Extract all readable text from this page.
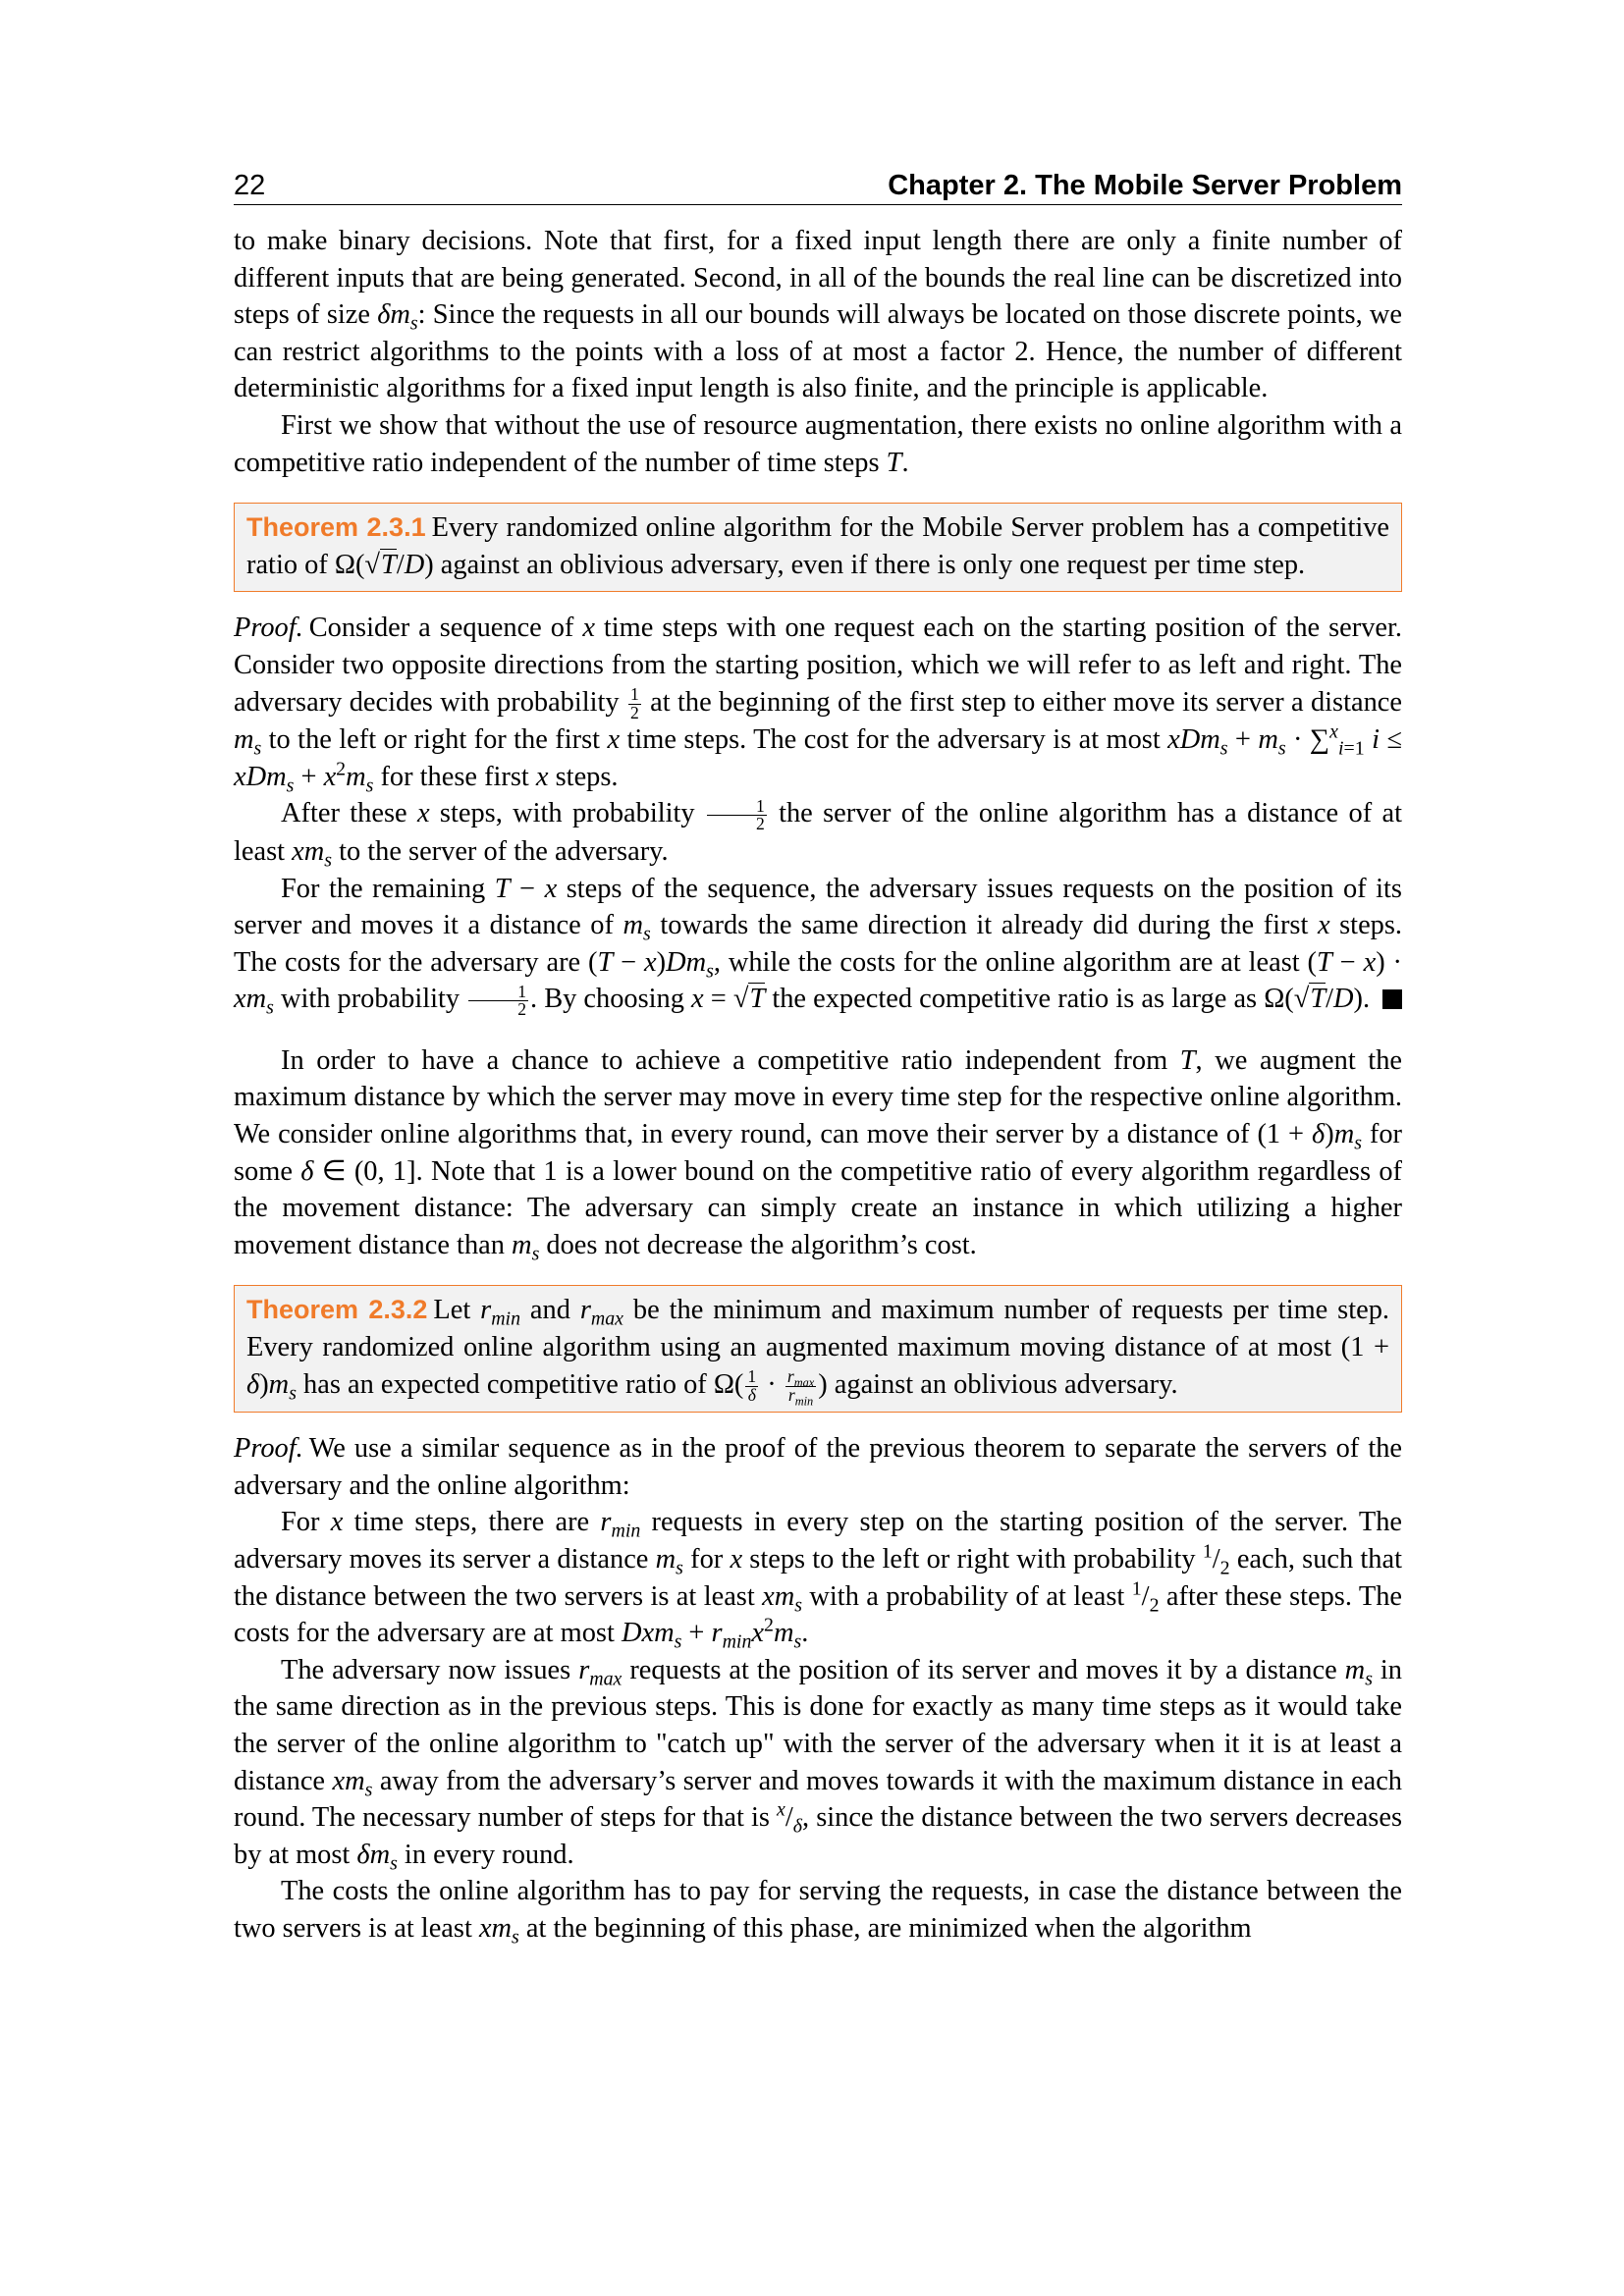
22	Chapter 2. The Mobile Server Problem

to make binary decisions. Note that first, for a fixed input length there are only a finite number of different inputs that are being generated. Second, in all of the bounds the real line can be discretized into steps of size $\delta m_s$: Since the requests in all our bounds will always be located on those discrete points, we can restrict algorithms to the points with a loss of at most a factor 2. Hence, the number of different deterministic algorithms for a fixed input length is also finite, and the principle is applicable.

First we show that without the use of resource augmentation, there exists no online algorithm with a competitive ratio independent of the number of time steps T.

Theorem 2.3.1 Every randomized online algorithm for the Mobile Server problem has a competitive ratio of Ω(√T/D) against an oblivious adversary, even if there is only one request per time step.

Proof. Consider a sequence of x time steps with one request each on the starting position of the server. Consider two opposite directions from the starting position, which we will refer to as left and right. The adversary decides with probability $\frac{1}{2}$ at the beginning of the first step to either move its server a distance $m_s$ to the left or right for the first x time steps. The cost for the adversary is at most $xDm_s + m_s \cdot \sum^x_{i=1}$ $i \le xDm_s + x^2m_s$ for these first x steps.

After these x steps, with probability $\frac{1}{2}$ the server of the online algorithm has a distance of at least $xm_s$ to the server of the adversary.

For the remaining T − x steps of the sequence, the adversary issues requests on the position of its server and moves it a distance of $m_s$ towards the same direction it already did during the first x steps. The costs for the adversary are $(T - x)Dm_s$, while the costs for the online algorithm are at least $(T - x) \cdot xm_s$ with probability $\frac{1}{2}$ . By choosing x = √T the expected competitive ratio is as large as Ω(√T/D).

In order to have a chance to achieve a competitive ratio independent from T, we augment the maximum distance by which the server may move in every time step for the respective online algorithm. We consider online algorithms that, in every round, can move their server by a distance of $(1 + \delta)m_s$ for some δ ∈ (0, 1]. Note that 1 is a lower bound on the competitive ratio of every algorithm regardless of the movement distance: The adversary can simply create an instance in which utilizing a higher movement distance than $m_s$ does not decrease the algorithm’s cost.

Theorem 2.3.2 Let $r_{min}$ and $r_{max}$ be the minimum and maximum number of requests per time step. Every randomized online algorithm using an augmented maximum moving distance of at most $(1 + \delta)m_s$ has an expected competitive ratio of $\Omega( \frac{1}{\delta} \cdot \frac{r_{max}}{r_{min}}$ ) against an oblivious adversary.

Proof. We use a similar sequence as in the proof of the previous theorem to separate the servers of the adversary and the online algorithm:

For x time steps, there are $r_{min}$ requests in every step on the starting position of the server. The adversary moves its server a distance $m_s$ for x steps to the left or right with probability $^1/_2$ each, such that the distance between the two servers is at least $xm_s$ with a probability of at least $^1/_2$ after these steps. The costs for the adversary are at most $Dxm_s + r_{min}x^2m_s$.

The adversary now issues $r_{max}$ requests at the position of its server and moves it by a distance $m_s$ in the same direction as in the previous steps. This is done for exactly as many time steps as it would take the server of the online algorithm to "catch up" with the server of the adversary when it it is at least a distance $xm_s$ away from the adversary’s server and moves towards it with the maximum distance in each round. The necessary number of steps for that is $^x/_\delta$, since the distance between the two servers decreases by at most $\delta m_s$ in every round.

The costs the online algorithm has to pay for serving the requests, in case the distance between the two servers is at least $xm_s$ at the beginning of this phase, are minimized when the algorithm
